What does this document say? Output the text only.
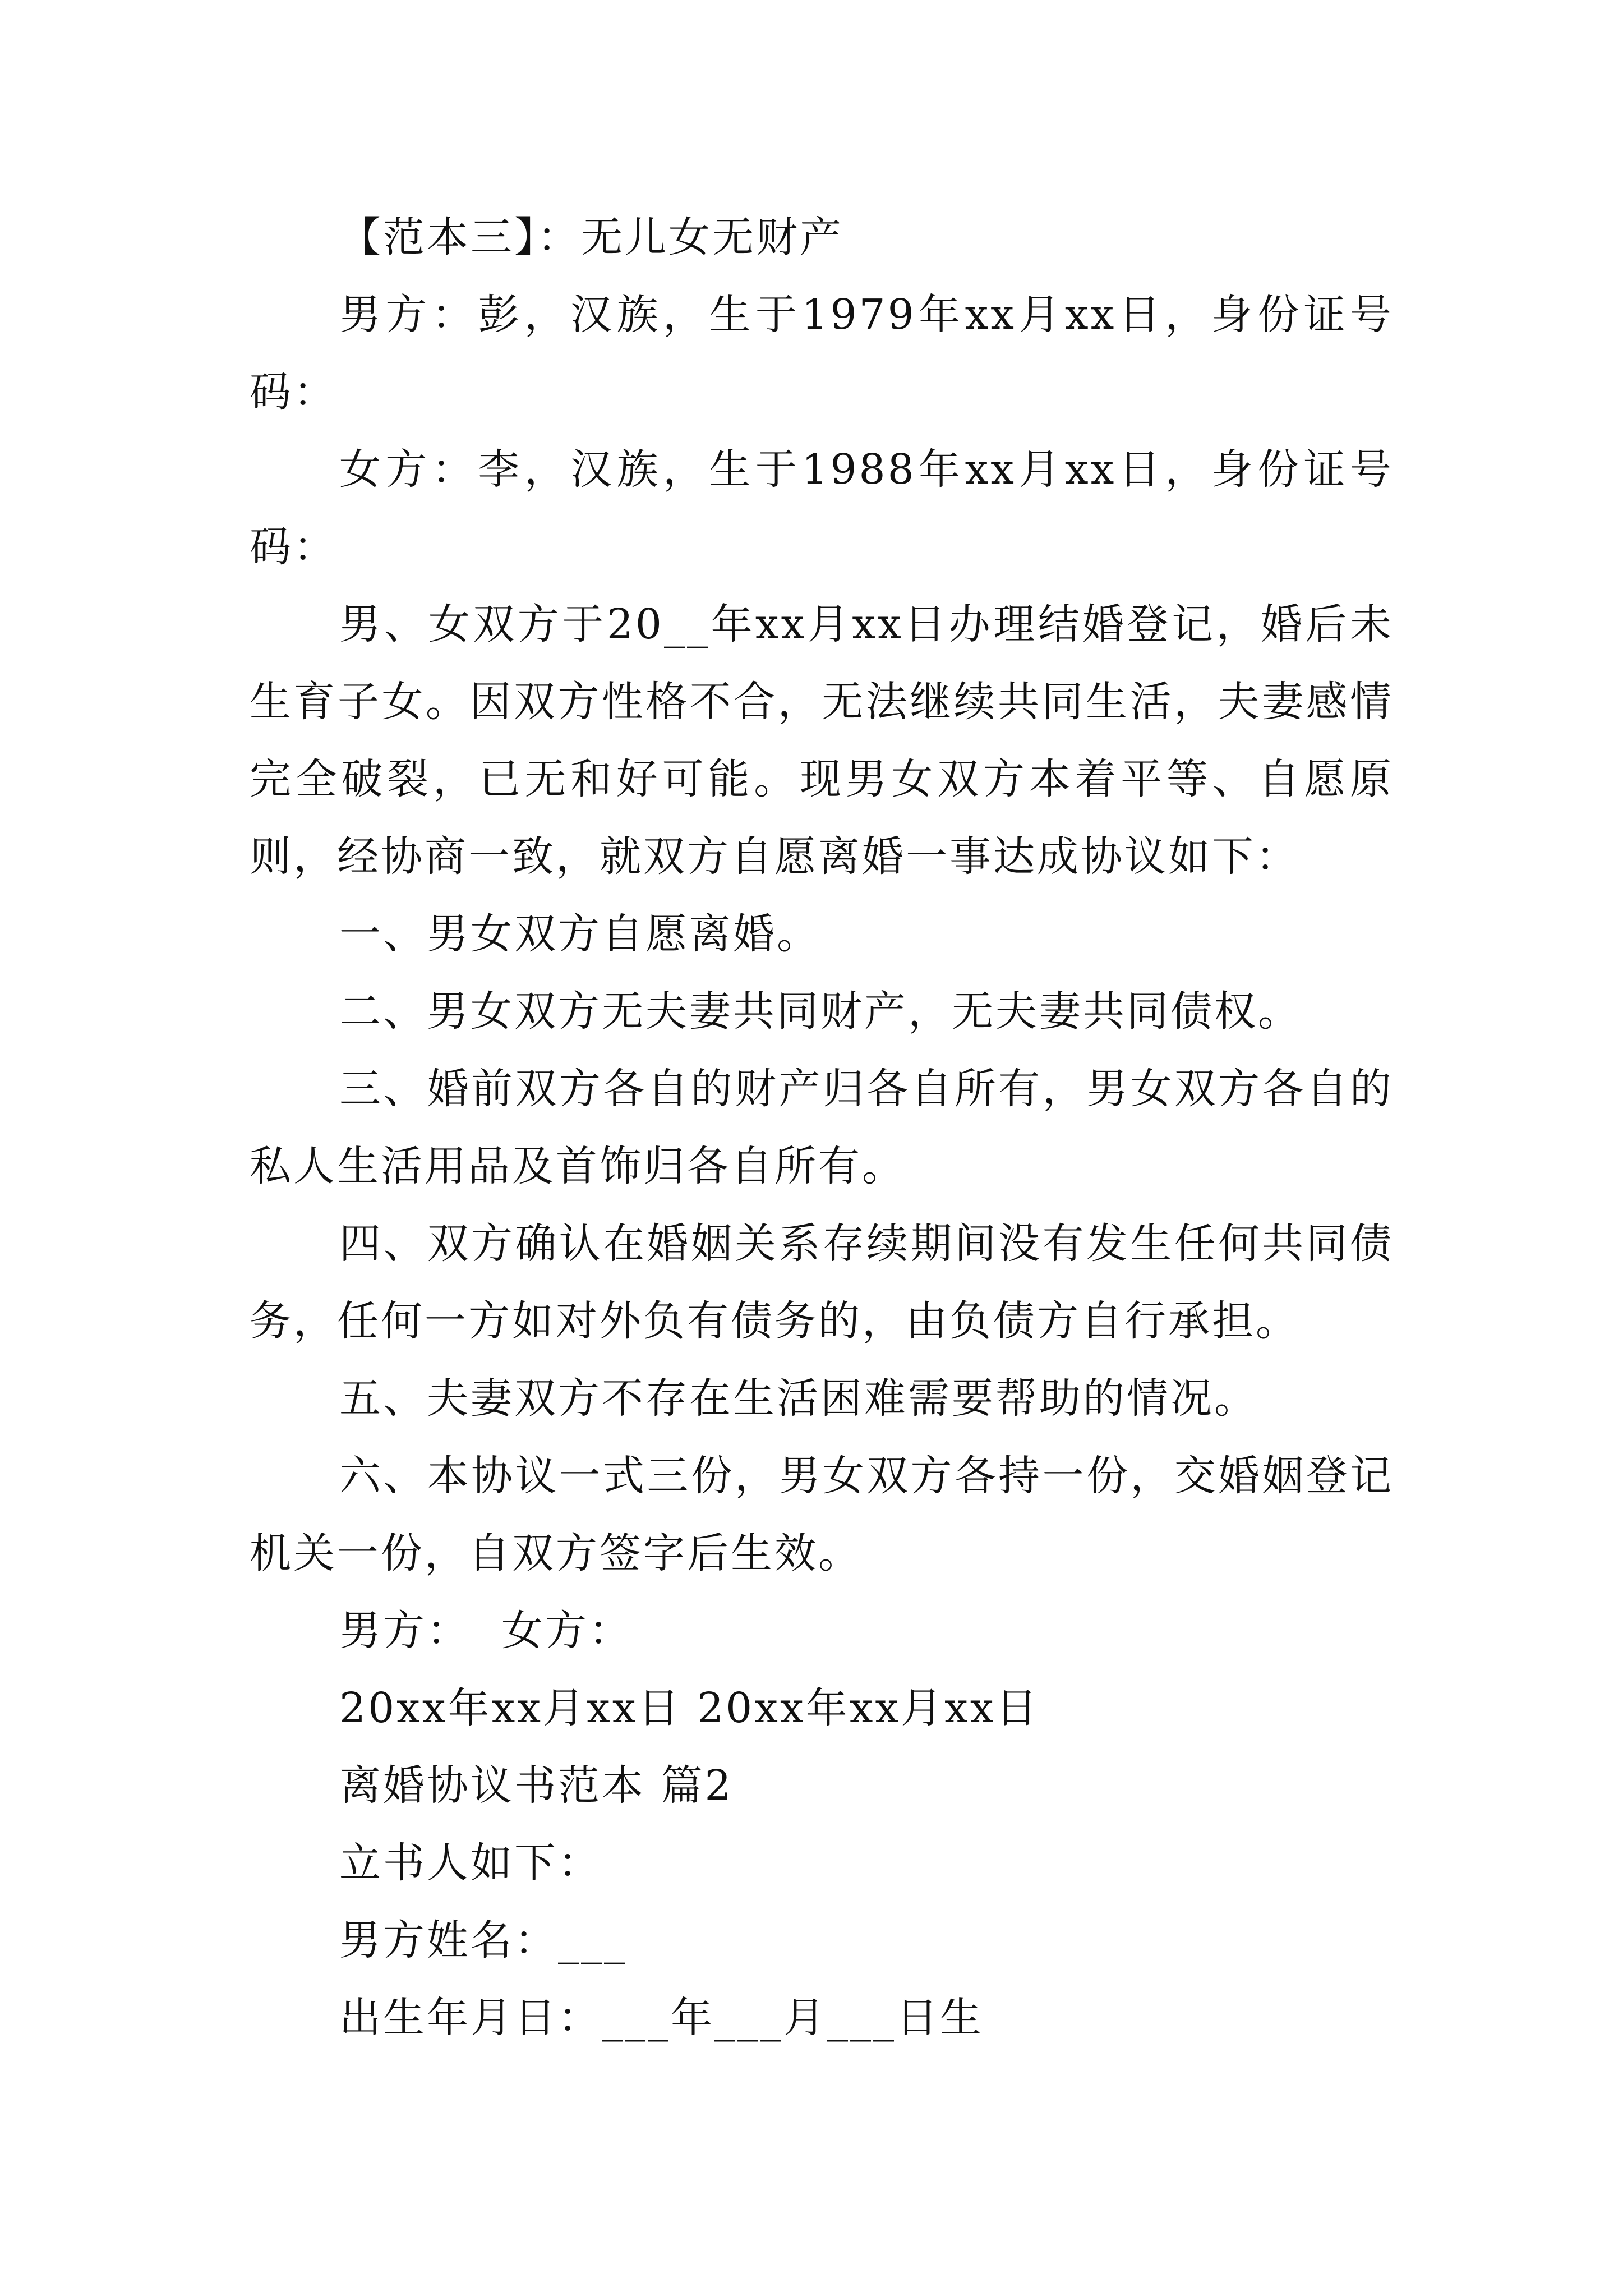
【范本三】：无儿女无财产

男方：彭，汉族，生于1979年xx月xx日，身份证号码：

女方：李，汉族，生于1988年xx月xx日，身份证号码：

男、女双方于20__年xx月xx日办理结婚登记，婚后未生育子女。因双方性格不合，无法继续共同生活，夫妻感情完全破裂，已无和好可能。现男女双方本着平等、自愿原则，经协商一致，就双方自愿离婚一事达成协议如下：

一、男女双方自愿离婚。

二、男女双方无夫妻共同财产，无夫妻共同债权。

三、婚前双方各自的财产归各自所有，男女双方各自的私人生活用品及首饰归各自所有。

四、双方确认在婚姻关系存续期间没有发生任何共同债务，任何一方如对外负有债务的，由负债方自行承担。

五、夫妻双方不存在生活困难需要帮助的情况。

六、本协议一式三份，男女双方各持一份，交婚姻登记机关一份，自双方签字后生效。

男方：  女方：

20xx年xx月xx日 20xx年xx月xx日

离婚协议书范本 篇2

立书人如下：

男方姓名：___

出生年月日：___年___月___日生
